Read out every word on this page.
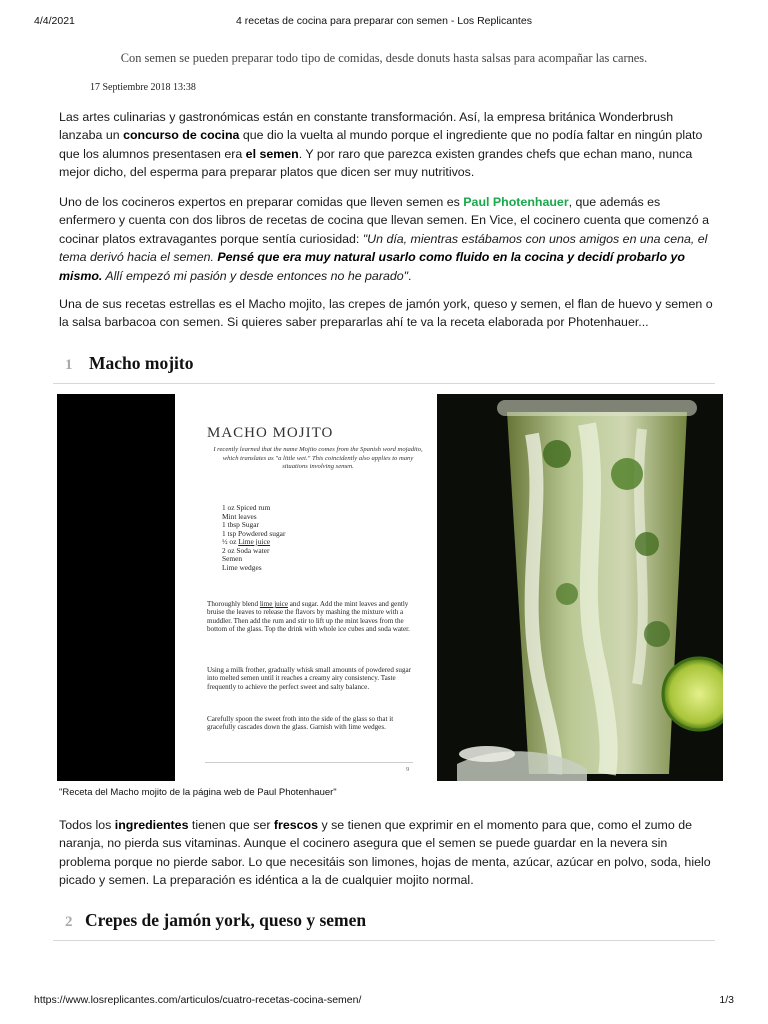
4/4/2021	4 recetas de cocina para preparar con semen - Los Replicantes
Con semen se pueden preparar todo tipo de comidas, desde donuts hasta salsas para acompañar las carnes.
17 Septiembre 2018 13:38

Las artes culinarias y gastronómicas están en constante transformación. Así, la empresa británica Wonderbrush lanzaba un concurso de cocina que dio la vuelta al mundo porque el ingrediente que no podía faltar en ningún plato que los alumnos presentasen era el semen. Y por raro que parezca existen grandes chefs que echan mano, nunca mejor dicho, del esperma para preparar platos que dicen ser muy nutritivos.

Uno de los cocineros expertos en preparar comidas que lleven semen es Paul Photenhauer, que además es enfermero y cuenta con dos libros de recetas de cocina que llevan semen. En Vice, el cocinero cuenta que comenzó a cocinar platos extravagantes porque sentía curiosidad: "Un día, mientras estábamos con unos amigos en una cena, el tema derivó hacia el semen. Pensé que era muy natural usarlo como fluido en la cocina y decidí probarlo yo mismo. Allí empezó mi pasión y desde entonces no he parado".

Una de sus recetas estrellas es el Macho mojito, las crepes de jamón york, queso y semen, el flan de huevo y semen o la salsa barbacoa con semen. Si quieres saber prepararlas ahí te va la receta elaborada por Photenhauer...

1 Macho mojito
MACHO MOJITO
I recently learned that the name Mojito comes from the Spanish word mojadito, which translates as "a little wet." This coincidently also applies to many situations involving semen.
1 oz Spiced rum
Mint leaves
1 tbsp Sugar
1 tsp Powdered sugar
½ oz Lime juice
2 oz Soda water
Semen
Lime wedges
Thoroughly blend lime juice and sugar. Add the mint leaves and gently bruise the leaves to release the flavors by mashing the mixture with a muddler. Then add the rum and stir to lift up the mint leaves from the bottom of the glass. Top the drink with whole ice cubes and soda water.
Using a milk frother, gradually whisk small amounts of powdered sugar into melted semen until it reaches a creamy airy consistency. Taste frequently to achieve the perfect sweet and salty balance.
Carefully spoon the sweet froth into the side of the glass so that it gracefully cascades down the glass. Garnish with lime wedges.
9
"Receta del Macho mojito de la página web de Paul Photenhauer"

Todos los ingredientes tienen que ser frescos y se tienen que exprimir en el momento para que, como el zumo de naranja, no pierda sus vitaminas. Aunque el cocinero asegura que el semen se puede guardar en la nevera sin problema porque no pierde sabor. Lo que necesitáis son limones, hojas de menta, azúcar, azúcar en polvo, soda, hielo picado y semen. La preparación es idéntica a la de cualquier mojito normal.

2 Crepes de jamón york, queso y semen
https://www.losreplicantes.com/articulos/cuatro-recetas-cocina-semen/	1/3
